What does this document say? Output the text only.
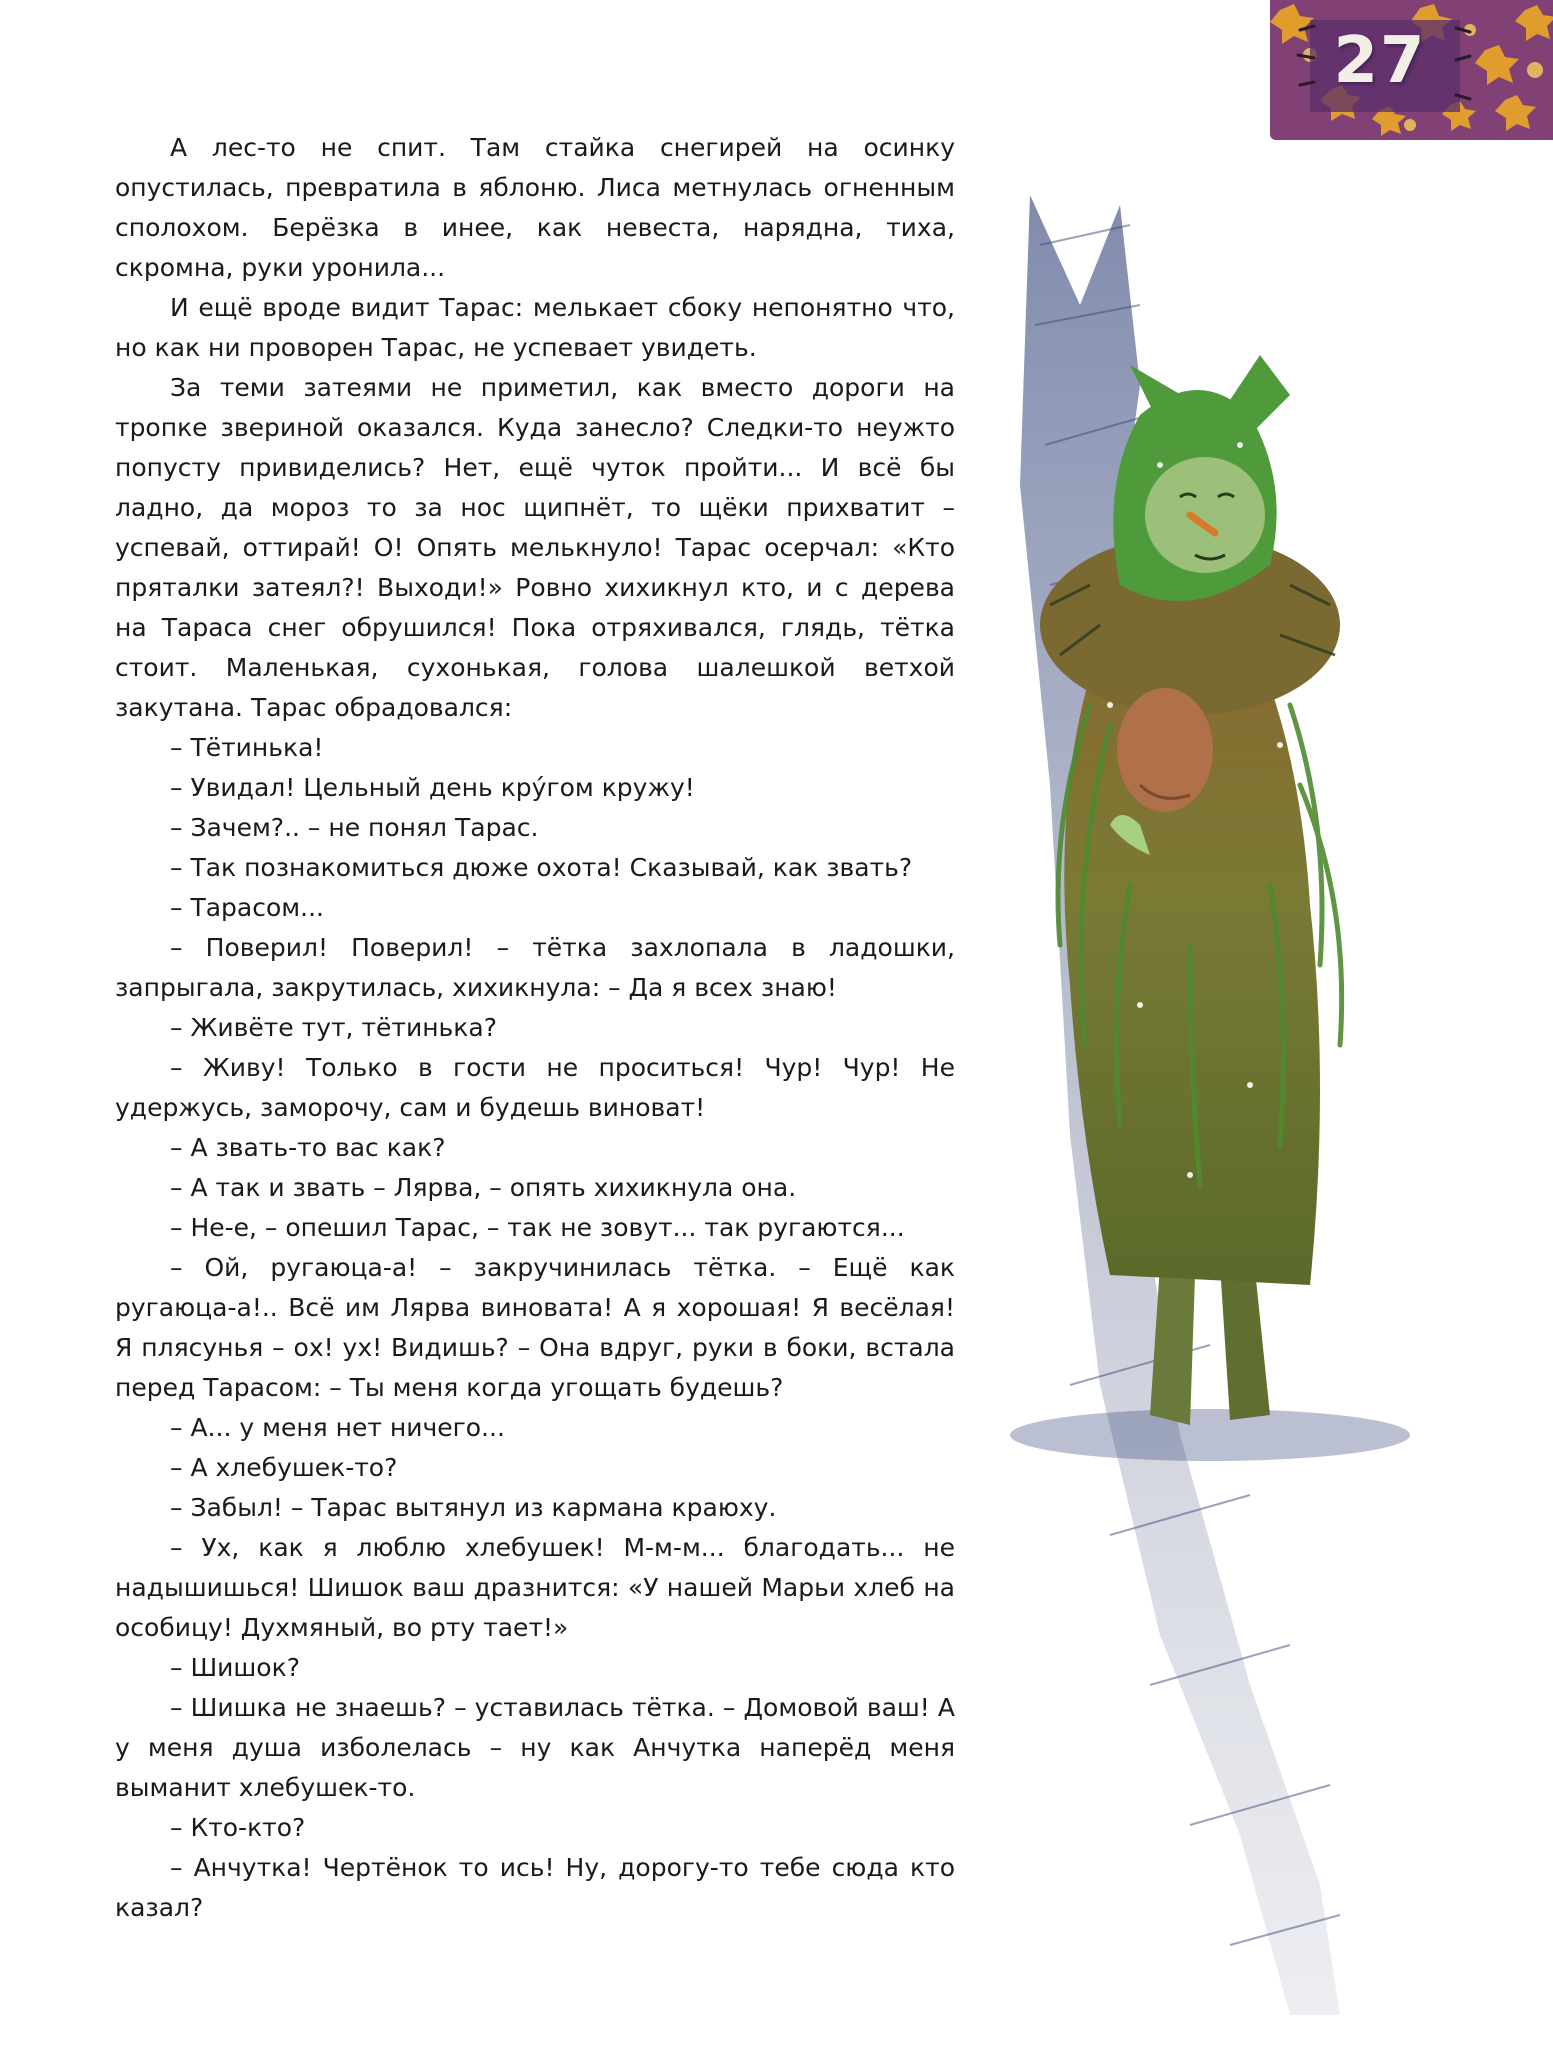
27

А лес-то не спит. Там стайка снегирей на осинку опустилась, превратила в яблоню. Лиса метнулась огненным сполохом. Берёзка в инее, как невеста, нарядна, тиха, скромна, руки уронила...

И ещё вроде видит Тарас: мелькает сбоку непонятно что, но как ни проворен Тарас, не успевает увидеть.

За теми затеями не приметил, как вместо дороги на тропке звериной оказался. Куда занесло? Следки-то неужто попусту привиделись? Нет, ещё чуток пройти... И всё бы ладно, да мороз то за нос щипнёт, то щёки прихватит – успевай, оттирай! О! Опять мелькнуло! Тарас осерчал: «Кто пряталки затеял?! Выходи!» Ровно хихикнул кто, и с дерева на Тараса снег обрушился! Пока отряхивался, глядь, тётка стоит. Маленькая, сухонькая, голова шалешкой ветхой закутана. Тарас обрадовался:

– Тётинька!

– Увидал! Цельный день кру́гом кружу!

– Зачем?.. – не понял Тарас.

– Так познакомиться дюже охота! Сказывай, как звать?

– Тарасом...

– Поверил! Поверил! – тётка захлопала в ладошки, запрыгала, закрутилась, хихикнула: – Да я всех знаю!

– Живёте тут, тётинька?

– Живу! Только в гости не проситься! Чур! Чур! Не удержусь, заморочу, сам и будешь виноват!

– А звать-то вас как?

– А так и звать – Лярва, – опять хихикнула она.

– Не-е, – опешил Тарас, – так не зовут... так ругаются...

– Ой, ругаюца-а! – закручинилась тётка. – Ещё как ругаюца-а!.. Всё им Лярва виновата! А я хорошая! Я весёлая! Я плясунья – ох! ух! Видишь? – Она вдруг, руки в боки, встала перед Тарасом: – Ты меня когда угощать будешь?

– А... у меня нет ничего...

– А хлебушек-то?

– Забыл! – Тарас вытянул из кармана краюху.

– Ух, как я люблю хлебушек! М-м-м... благодать... не надышишься! Шишок ваш дразнится: «У нашей Марьи хлеб на особицу! Духмяный, во рту тает!»

– Шишок?

– Шишка не знаешь? – уставилась тётка. – Домовой ваш! А у меня душа изболелась – ну как Анчутка наперёд меня выманит хлебушек-то.

– Кто-кто?

– Анчутка! Чертёнок то ись! Ну, дорогу-то тебе сюда кто казал?
